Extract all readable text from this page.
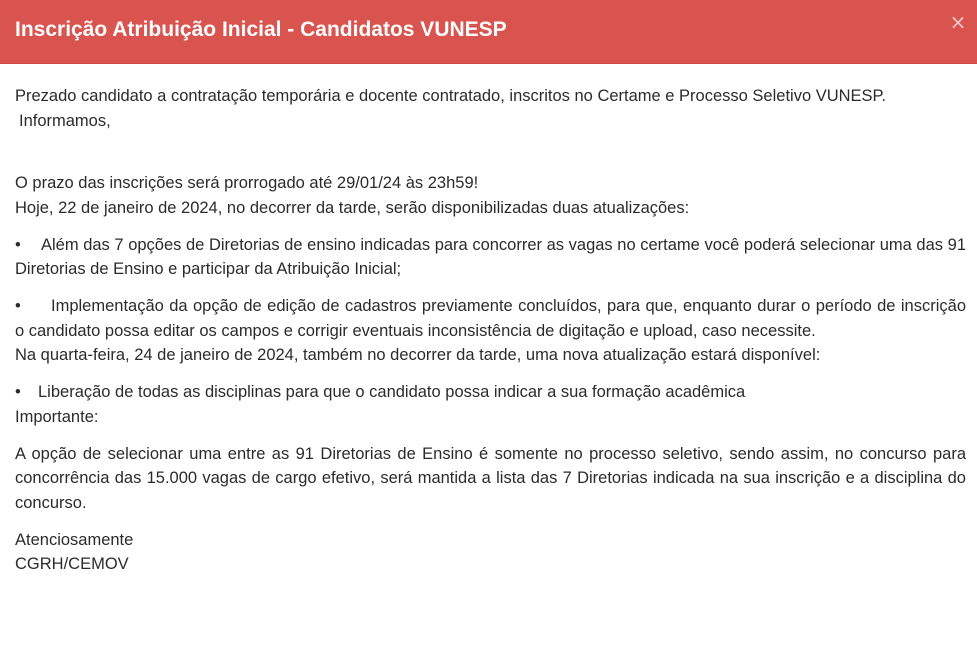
Inscrição Atribuição Inicial - Candidatos VUNESP	×

Prezado candidato a contratação temporária e docente contratado, inscritos no Certame e Processo Seletivo VUNESP.

Informamos,

O prazo das inscrições será prorrogado até 29/01/24 às 23h59!

Hoje, 22 de janeiro de 2024, no decorrer da tarde, serão disponibilizadas duas atualizações:

• Além das 7 opções de Diretorias de ensino indicadas para concorrer as vagas no certame você poderá selecionar uma das 91 Diretorias de Ensino e participar da Atribuição Inicial;

• Implementação da opção de edição de cadastros previamente concluídos, para que, enquanto durar o período de inscrição o candidato possa editar os campos e corrigir eventuais inconsistência de digitação e upload, caso necessite.

Na quarta-feira, 24 de janeiro de 2024, também no decorrer da tarde, uma nova atualização estará disponível:

• Liberação de todas as disciplinas para que o candidato possa indicar a sua formação acadêmica

Importante:

A opção de selecionar uma entre as 91 Diretorias de Ensino é somente no processo seletivo, sendo assim, no concurso para concorrência das 15.000 vagas de cargo efetivo, será mantida a lista das 7 Diretorias indicada na sua inscrição e a disciplina do concurso.

Atenciosamente

CGRH/CEMOV
